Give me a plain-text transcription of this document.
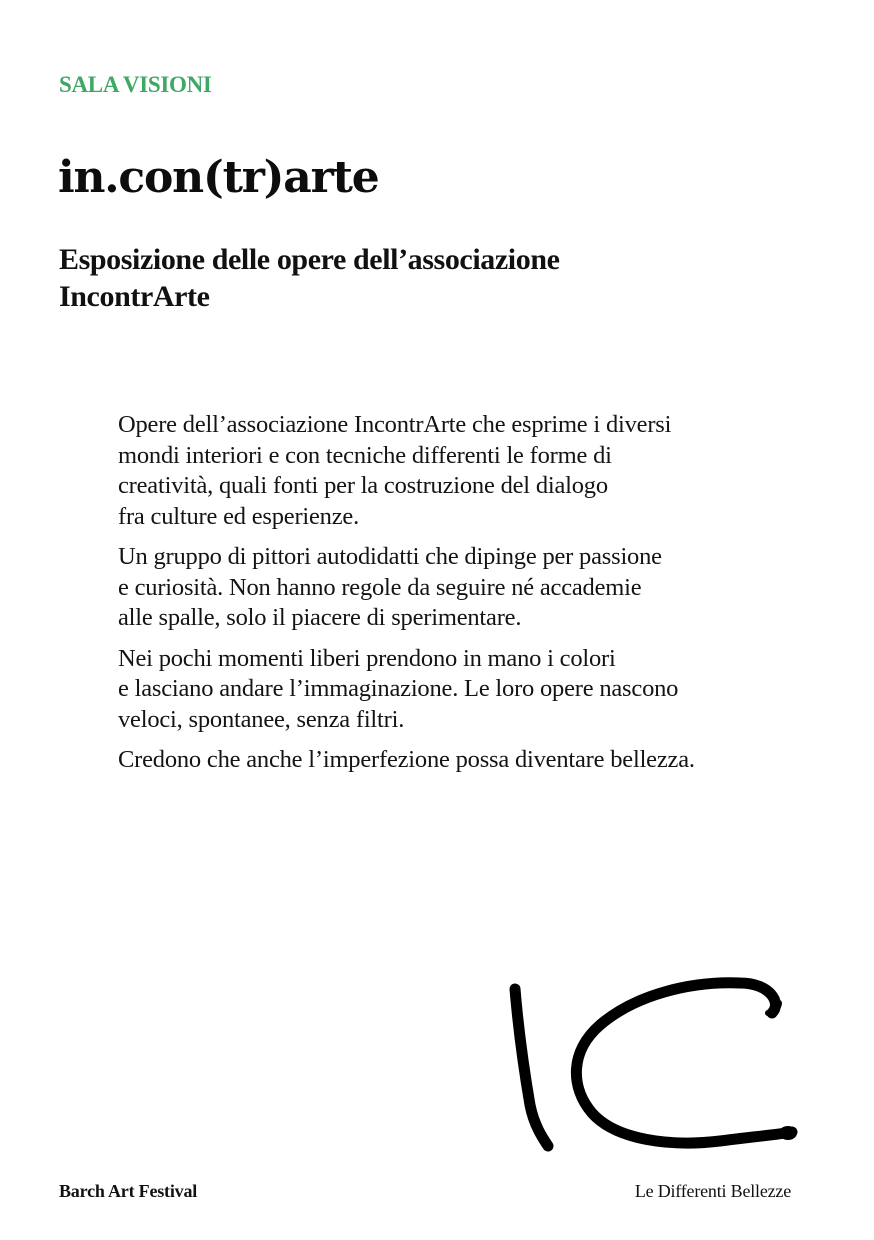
SALA VISIONI
in.con(tr)arte
Esposizione delle opere dell’associazione
IncontrArte

Opere dell’associazione IncontrArte che esprime i diversi
mondi interiori e con tecniche differenti le forme di
creatività, quali fonti per la costruzione del dialogo
fra culture ed esperienze.

Un gruppo di pittori autodidatti che dipinge per passione
e curiosità. Non hanno regole da seguire né accademie
alle spalle, solo il piacere di sperimentare.

Nei pochi momenti liberi prendono in mano i colori
e lasciano andare l’immaginazione. Le loro opere nascono
veloci, spontanee, senza filtri.

Credono che anche l’imperfezione possa diventare bellezza.

Barch Art Festival	Le Differenti Bellezze
